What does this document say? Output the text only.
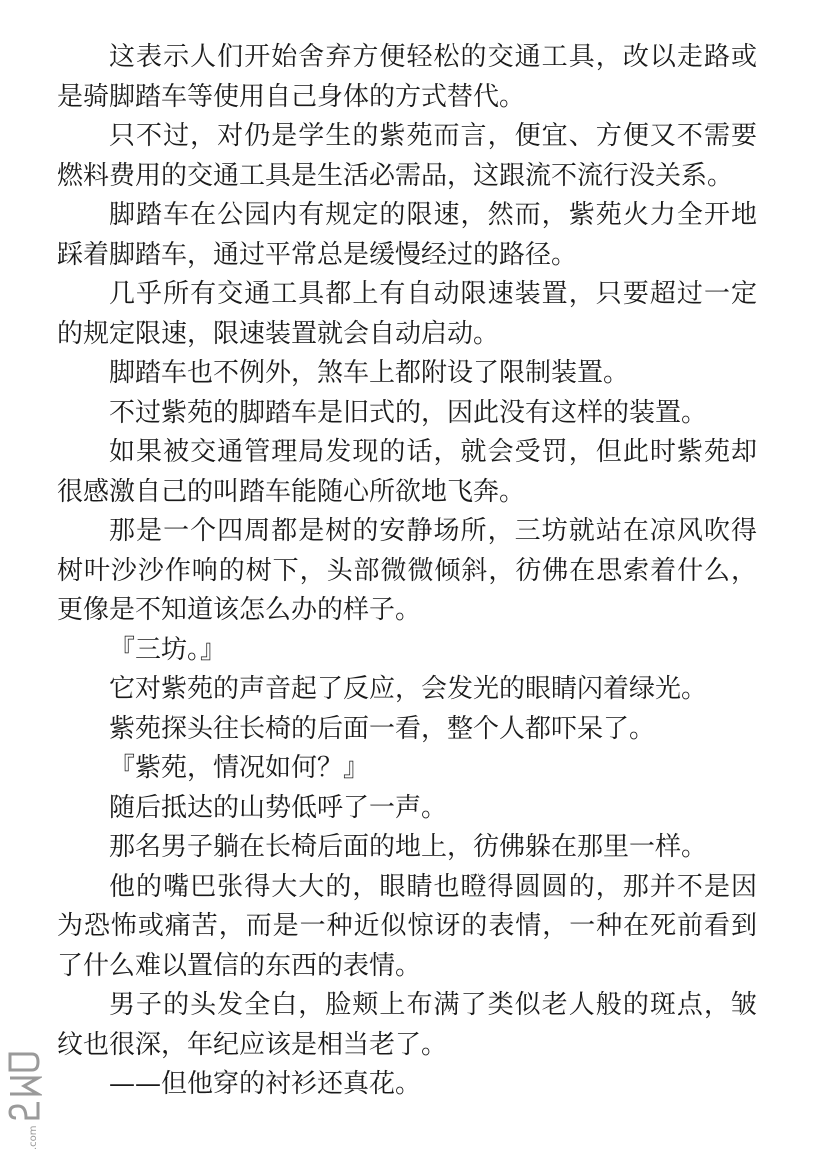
这表示人们开始舍弃方便轻松的交通工具，改以走路或是骑脚踏车等使用自己身体的方式替代。

只不过，对仍是学生的紫苑而言，便宜、方便又不需要燃料费用的交通工具是生活必需品，这跟流不流行没关系。

脚踏车在公园内有规定的限速，然而，紫苑火力全开地踩着脚踏车，通过平常总是缓慢经过的路径。

几乎所有交通工具都上有自动限速装置，只要超过一定的规定限速，限速装置就会自动启动。

脚踏车也不例外，煞车上都附设了限制装置。

不过紫苑的脚踏车是旧式的，因此没有这样的装置。

如果被交通管理局发现的话，就会受罚，但此时紫苑却很感激自己的叫踏车能随心所欲地飞奔。

那是一个四周都是树的安静场所，三坊就站在凉风吹得树叶沙沙作响的树下，头部微微倾斜，彷佛在思索着什么，更像是不知道该怎么办的样子。

『三坊。』

它对紫苑的声音起了反应，会发光的眼睛闪着绿光。

紫苑探头往长椅的后面一看，整个人都吓呆了。

『紫苑，情况如何？』

随后抵达的山势低呼了一声。

那名男子躺在长椅后面的地上，彷佛躲在那里一样。

他的嘴巴张得大大的，眼睛也瞪得圆圆的，那并不是因为恐怖或痛苦，而是一种近似惊讶的表情，一种在死前看到了什么难以置信的东西的表情。

男子的头发全白，脸颊上布满了类似老人般的斑点，皱纹也很深，年纪应该是相当老了。

——但他穿的衬衫还真花。

.com
